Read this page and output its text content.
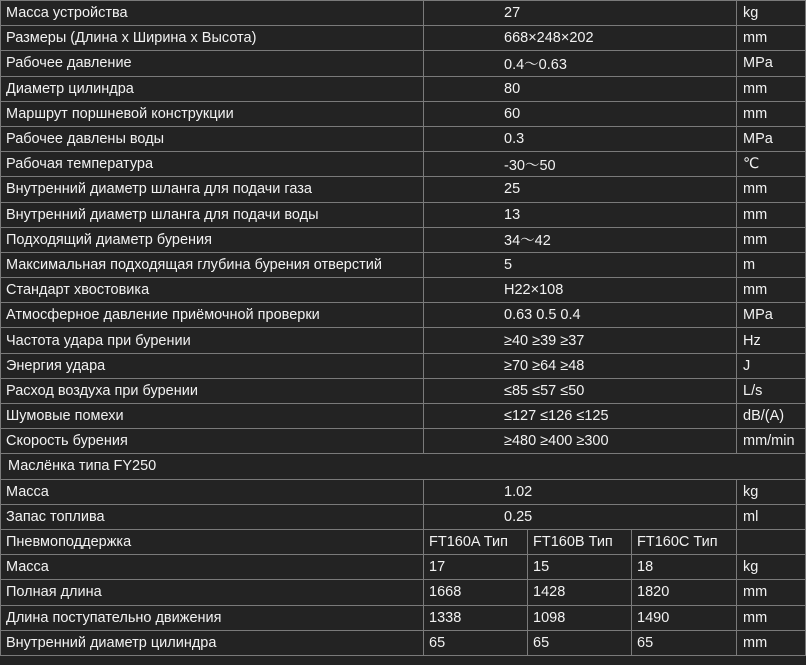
Масса устройства	27			kg
Размеры (Длина х Ширина х Высота)	668×248×202			mm
Рабочее давление	0.4～0.63			MPa
Диаметр цилиндра	80			mm
Маршрут поршневой конструкции	60			mm
Рабочее давлены воды	0.3			MPa
Рабочая температура	-30～50			℃
Внутренний диаметр шланга для подачи газа	25			mm
Внутренний диаметр шланга для подачи воды	13			mm
Подходящий диаметр бурения	34～42			mm
Максимальная подходящая глубина бурения отверстий	5			m
Стандарт хвостовика	H22×108			mm
Атмосферное давление приёмочной проверки	0.63 0.5 0.4			MPa
Частота удара при бурении	≥40 ≥39 ≥37			Hz
Энергия удара	≥70 ≥64 ≥48			J
Расход воздуха при бурении	≤85 ≤57 ≤50			L/s
Шумовые помехи	≤127 ≤126 ≤125			dB/(A)
Скорость бурения	≥480 ≥400 ≥300			mm/min
Маслёнка типа FY250				
Масса	1.02			kg
Запас топлива	0.25			ml
Пневмоподдержка	FT160A Тип	FT160B Тип	FT160C Тип	
Масса	17	15	18	kg
Полная длина	1668	1428	1820	mm
Длина поступательно движения	1338	1098	1490	mm
Внутренний диаметр цилиндра	65	65	65	mm
